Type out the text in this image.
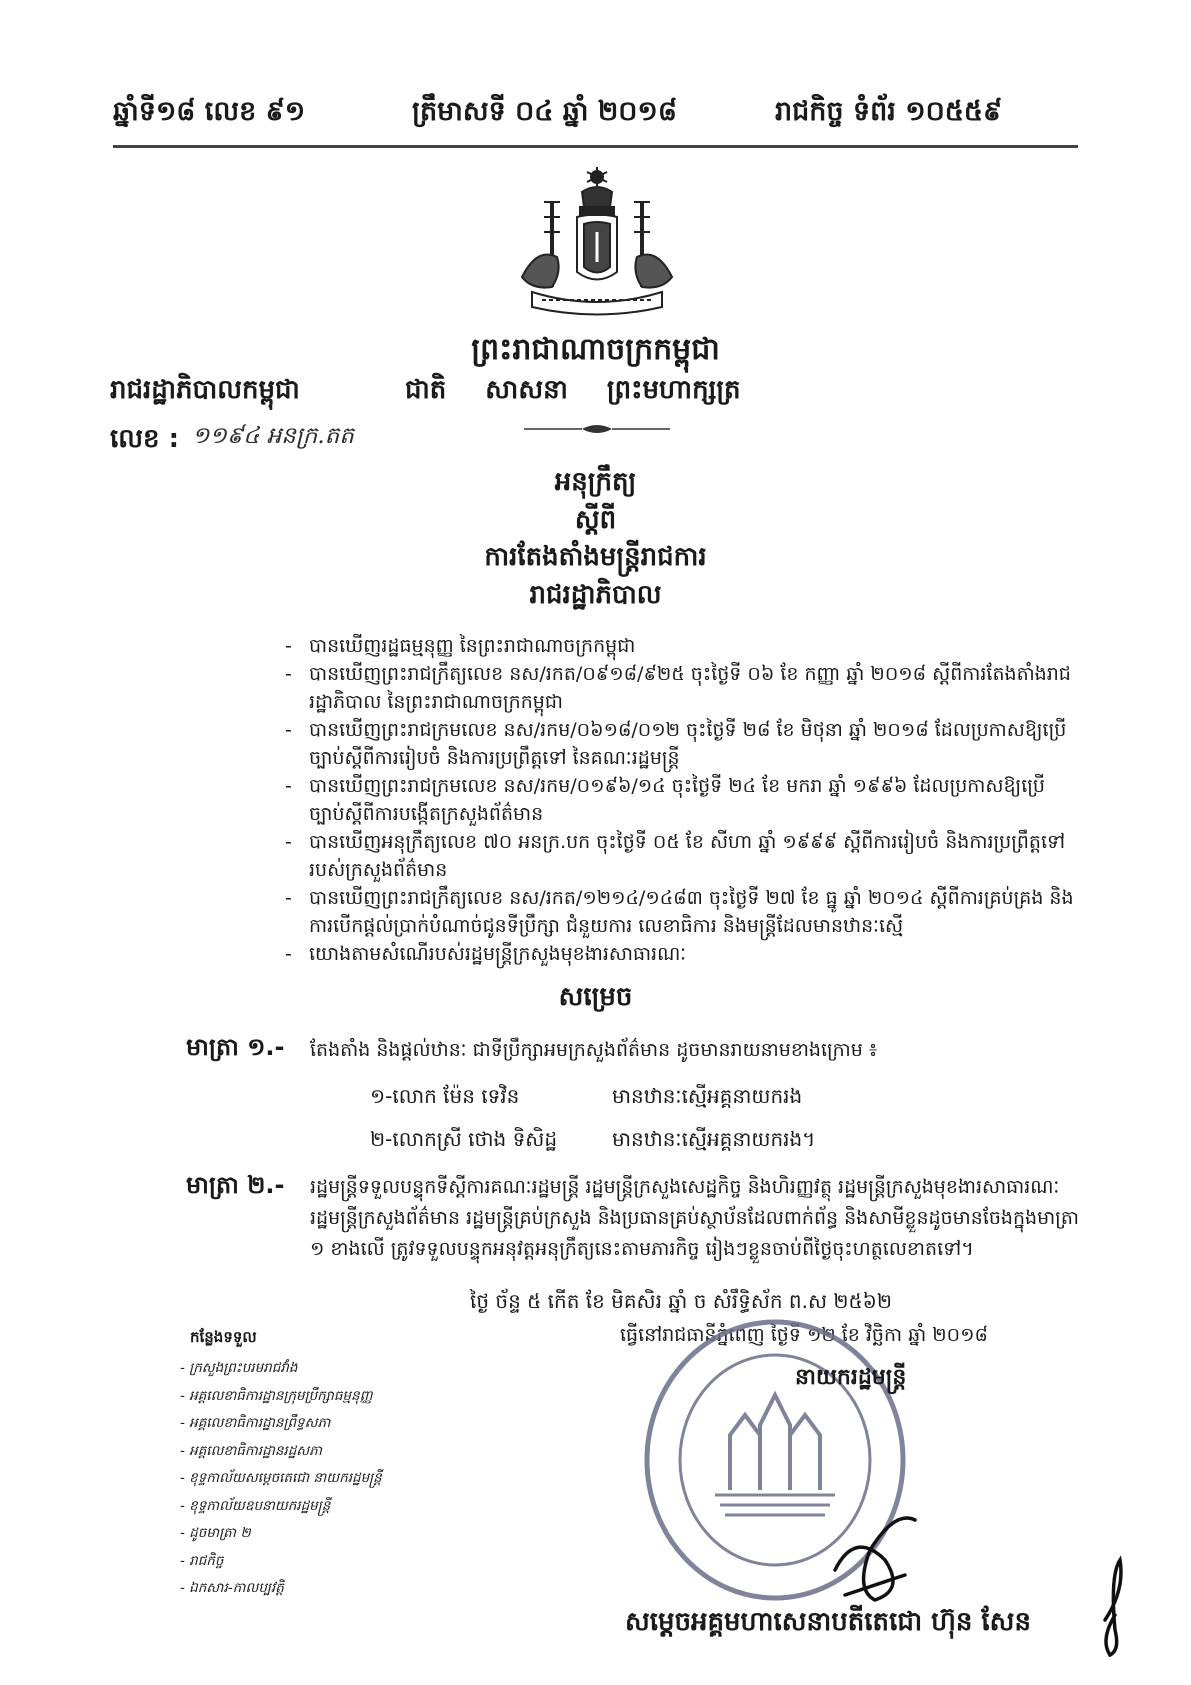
ឆ្នាំទី១៨ លេខ ៩១	ត្រឹមាសទី ០៤ ឆ្នាំ ២០១៨	រាជកិច្ច ទំព័រ ១០៥៥៩
ព្រះរាជាណាចក្រកម្ពុជា
រាជរដ្ឋាភិបាលកម្ពុជា	ជាតិ សាសនា ព្រះមហាក្សត្រ
លេខ : ១១៩៤ អនក្រ.តត
អនុក្រឹត្យ
ស្តីពី
ការតែងតាំងមន្ត្រីរាជការ
រាជរដ្ឋាភិបាល
- បានឃើញរដ្ឋធម្មនុញ្ញ នៃព្រះរាជាណាចក្រកម្ពុជា
- បានឃើញព្រះរាជក្រឹត្យលេខ នស/រកត/០៩១៨/៩២៥ ចុះថ្ងៃទី ០៦ ខែ កញ្ញា ឆ្នាំ ២០១៨ ស្តីពីការតែងតាំងរាជរដ្ឋាភិបាល នៃព្រះរាជាណាចក្រកម្ពុជា
- បានឃើញព្រះរាជក្រមលេខ នស/រកម/០៦១៨/០១២ ចុះថ្ងៃទី ២៨ ខែ មិថុនា ឆ្នាំ ២០១៨ ដែលប្រកាសឱ្យប្រើច្បាប់ស្តីពីការរៀបចំ និងការប្រព្រឹត្តទៅ នៃគណៈរដ្ឋមន្ត្រី
- បានឃើញព្រះរាជក្រមលេខ នស/រកម/០១៩៦/១៤ ចុះថ្ងៃទី ២៤ ខែ មករា ឆ្នាំ ១៩៩៦ ដែលប្រកាសឱ្យប្រើច្បាប់ស្តីពីការបង្កើតក្រសួងព័ត៌មាន
- បានឃើញអនុក្រឹត្យលេខ ៧០ អនក្រ.បក ចុះថ្ងៃទី ០៥ ខែ សីហា ឆ្នាំ ១៩៩៩ ស្តីពីការរៀបចំ និងការប្រព្រឹត្តទៅរបស់ក្រសួងព័ត៌មាន
- បានឃើញព្រះរាជក្រឹត្យលេខ នស/រកត/១២១៤/១៤៨៣ ចុះថ្ងៃទី ២៧ ខែ ធ្នូ ឆ្នាំ ២០១៤ ស្តីពីការគ្រប់គ្រង និងការបើកផ្តល់ប្រាក់បំណាច់ជូនទីប្រឹក្សា ជំនួយការ លេខាធិការ និងមន្ត្រីដែលមានឋានៈស្មើ
- យោងតាមសំណើរបស់រដ្ឋមន្ត្រីក្រសួងមុខងារសាធារណៈ
សម្រេច
មាត្រា ១.- តែងតាំង និងផ្តល់ឋានៈ ជាទីប្រឹក្សាអមក្រសួងព័ត៌មាន ដូចមានរាយនាមខាងក្រោម ៖
១-លោក ម៉ែន ទេវិន	មានឋានៈស្មើអគ្គនាយករង
២-លោកស្រី ថោង ទិសិដ្ឋ	មានឋានៈស្មើអគ្គនាយករង។
មាត្រា ២.- រដ្ឋមន្ត្រីទទួលបន្ទុកទីស្តីការគណៈរដ្ឋមន្ត្រី រដ្ឋមន្ត្រីក្រសួងសេដ្ឋកិច្ច និងហិរញ្ញវត្ថុ រដ្ឋមន្ត្រីក្រសួងមុខងារសាធារណៈ រដ្ឋមន្ត្រីក្រសួងព័ត៌មាន រដ្ឋមន្ត្រីគ្រប់ក្រសួង និងប្រធានគ្រប់ស្ថាប័នដែលពាក់ព័ន្ធ និងសាមីខ្លួនដូចមានចែងក្នុងមាត្រា ១ ខាងលើ ត្រូវទទួលបន្ទុកអនុវត្តអនុក្រឹត្យនេះតាមភារកិច្ច រៀងៗខ្លួនចាប់ពីថ្ងៃចុះហត្ថលេខាតទៅ។
ថ្ងៃ ច័ន្ទ ៥ កើត ខែ មិគសិរ ឆ្នាំ ច សំរឹទ្ធិស័ក ព.ស ២៥៦២
ធ្វើនៅរាជធានីភ្នំពេញ ថ្ងៃទី ១២ ខែ វិច្ឆិកា ឆ្នាំ ២០១៨
នាយករដ្ឋមន្ត្រី
សម្តេចអគ្គមហាសេនាបតីតេជោ ហ៊ុន សែន
កន្លែងទទួល
- ក្រសួងព្រះបរមរាជវាំង
- អគ្គលេខាធិការដ្ឋានក្រុមប្រឹក្សាធម្មនុញ្ញ
- អគ្គលេខាធិការដ្ឋានព្រឹទ្ធសភា
- អគ្គលេខាធិការដ្ឋានរដ្ឋសភា
- ខុទ្ទកាល័យសម្តេចតេជោ នាយករដ្ឋមន្ត្រី
- ខុទ្ទកាល័យឧបនាយករដ្ឋមន្ត្រី
- ដូចមាត្រា ២
- រាជកិច្ច
- ឯកសារ-កាលប្បវត្តិ
